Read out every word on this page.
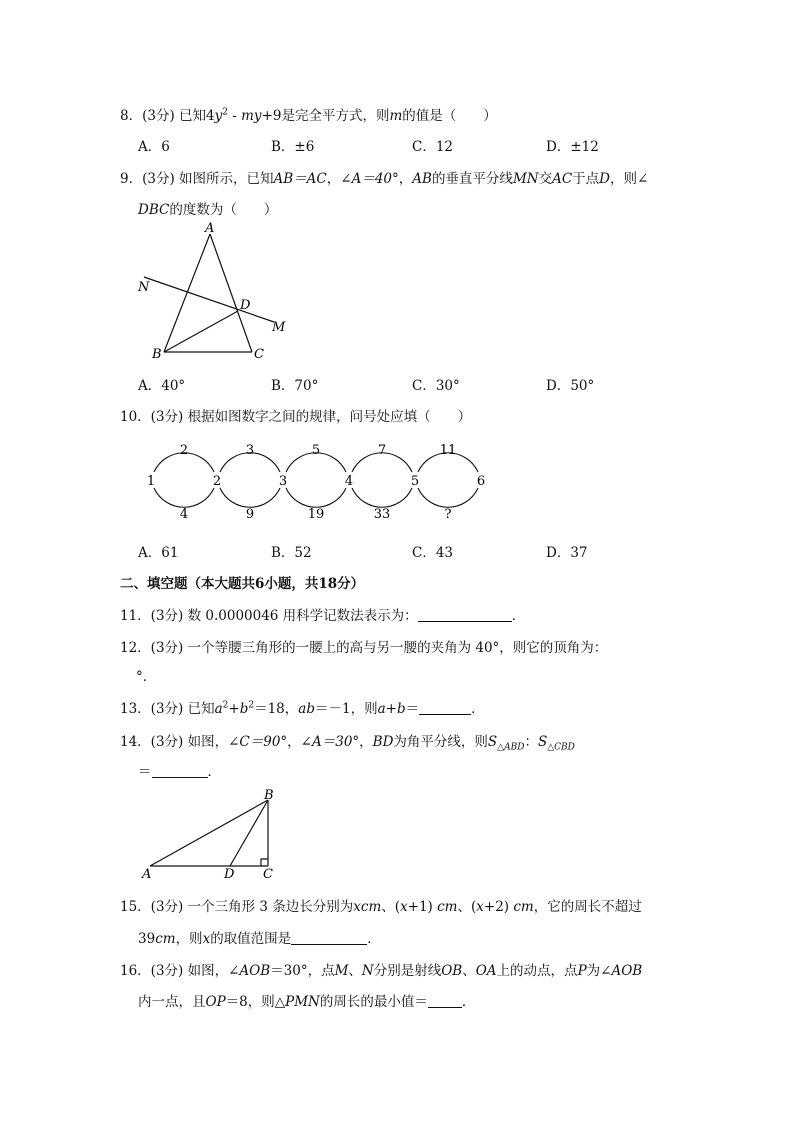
8．(3分) 已知$4y^2 - my+9$是完全平方式，则m的值是（　　）
A．6	B．±6	C．12	D．±12
9．(3分) 如图所示，已知AB＝AC，∠A＝40°，AB的垂直平分线MN交AC于点D，则∠
DBC的度数为（　　）
A
N
D
M
B	C
A．40°	B．70°	C．30°	D．50°
10．(3分) 根据如图数字之间的规律，问号处应填（　　）
2
4
3
9
5
19
7
33
11
?
1	2	3	4	5	6
A．61	B．52	C．43	D．37
二、填空题（本大题共6小题，共18分）
11．(3分) 数 0.0000046 用科学记数法表示为：	．
12．(3分) 一个等腰三角形的一腰上的高与另一腰的夹角为 40°，则它的顶角为：
°．
13．(3分) 已知$a^2+b^2=18$，ab＝－1，则a+b＝	．
14．(3分) 如图，∠C＝90°，∠A＝30°，BD为角平分线，则$S_{\triangle ABD}$：$S_{\triangle CBD}$
＝	．
B
A	D C
15．(3分) 一个三角形 3 条边长分别为xcm、(x+1) cm、(x+2) cm，它的周长不超过
39cm，则x的取值范围是	．
16．(3分) 如图，∠AOB＝30°，点M、N分别是射线OB、OA上的动点，点P为∠AOB
内一点，且OP＝8，则△PMN的周长的最小值＝	．
